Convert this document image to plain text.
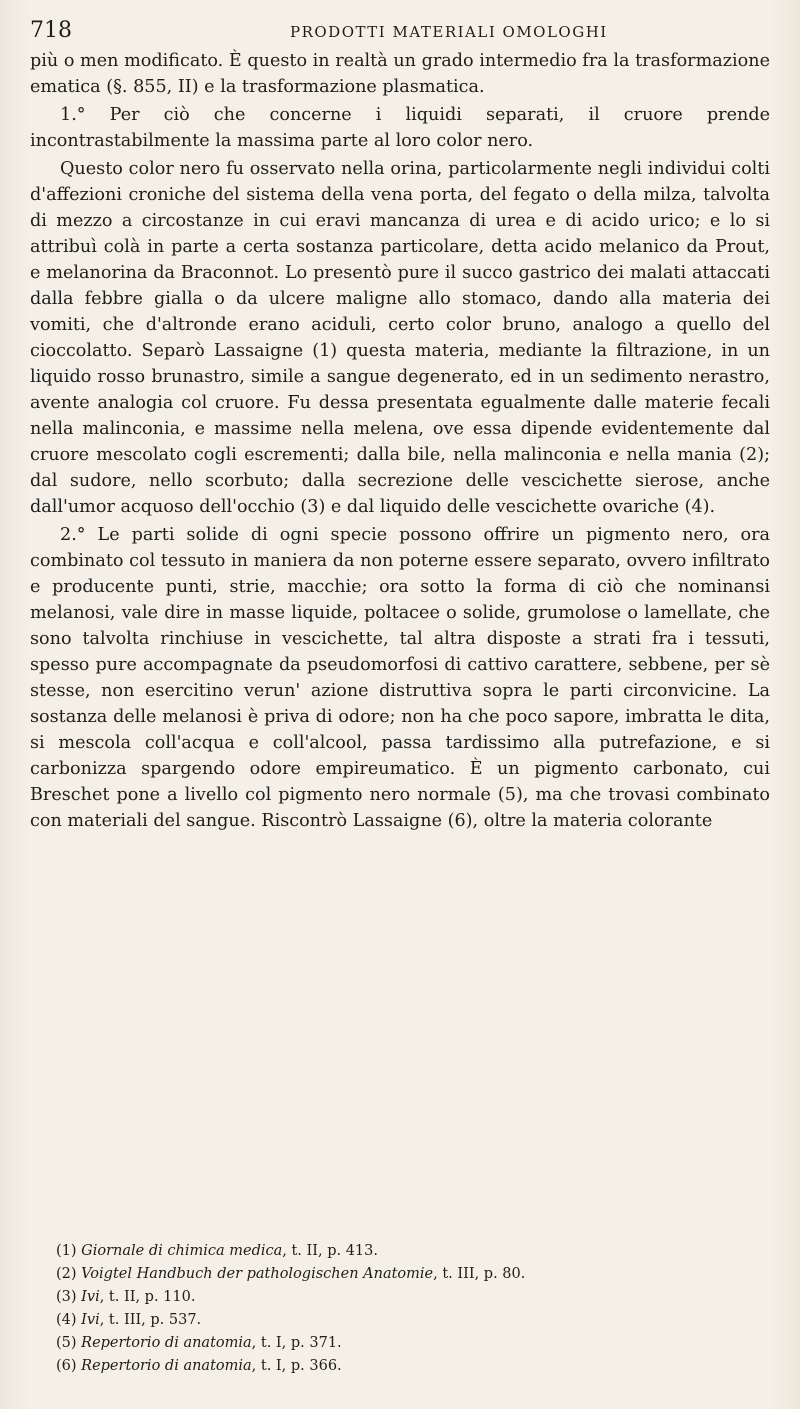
718	PRODOTTI MATERIALI OMOLOGHI

più o men modificato. È questo in realtà un grado intermedio fra la trasformazione ematica (§. 855, II) e la trasformazione plasmatica.

1.° Per ciò che concerne i liquidi separati, il cruore prende incontrastabilmente la massima parte al loro color nero.

Questo color nero fu osservato nella orina, particolarmente negli individui colti d'affezioni croniche del sistema della vena porta, del fegato o della milza, talvolta di mezzo a circostanze in cui eravi mancanza di urea e di acido urico; e lo si attribuì colà in parte a certa sostanza particolare, detta acido melanico da Prout, e melanorina da Braconnot. Lo presentò pure il succo gastrico dei malati attaccati dalla febbre gialla o da ulcere maligne allo stomaco, dando alla materia dei vomiti, che d'altronde erano aciduli, certo color bruno, analogo a quello del cioccolatto. Separò Lassaigne (1) questa materia, mediante la filtrazione, in un liquido rosso brunastro, simile a sangue degenerato, ed in un sedimento nerastro, avente analogia col cruore. Fu dessa presentata egualmente dalle materie fecali nella malinconia, e massime nella melena, ove essa dipende evidentemente dal cruore mescolato cogli escrementi; dalla bile, nella malinconia e nella mania (2); dal sudore, nello scorbuto; dalla secrezione delle vescichette sierose, anche dall'umor acquoso dell'occhio (3) e dal liquido delle vescichette ovariche (4).

2.° Le parti solide di ogni specie possono offrire un pigmento nero, ora combinato col tessuto in maniera da non poterne essere separato, ovvero infiltrato e producente punti, strie, macchie; ora sotto la forma di ciò che nominansi melanosi, vale dire in masse liquide, poltacee o solide, grumolose o lamellate, che sono talvolta rinchiuse in vescichette, tal altra disposte a strati fra i tessuti, spesso pure accompagnate da pseudomorfosi di cattivo carattere, sebbene, per sè stesse, non esercitino verun' azione distruttiva sopra le parti circonvicine. La sostanza delle melanosi è priva di odore; non ha che poco sapore, imbratta le dita, si mescola coll'acqua e coll'alcool, passa tardissimo alla putrefazione, e si carbonizza spargendo odore empireumatico. È un pigmento carbonato, cui Breschet pone a livello col pigmento nero normale (5), ma che trovasi combinato con materiali del sangue. Riscontrò Lassaigne (6), oltre la materia colorante

(1) Giornale di chimica medica, t. II, p. 413.
(2) Voigtel Handbuch der pathologischen Anatomie, t. III, p. 80.
(3) Ivi, t. II, p. 110.
(4) Ivi, t. III, p. 537.
(5) Repertorio di anatomia, t. I, p. 371.
(6) Repertorio di anatomia, t. I, p. 366.
